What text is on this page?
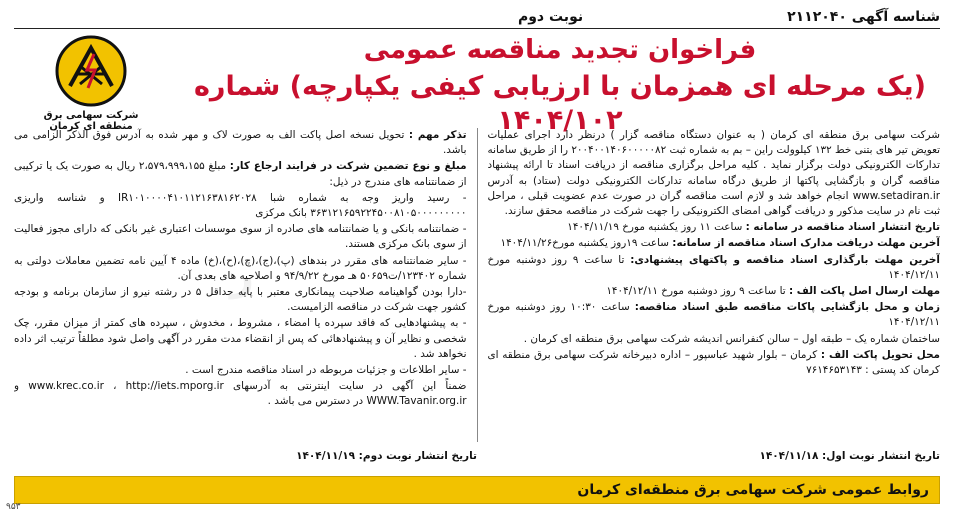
شناسه آگهی ۲۱۱۲۰۴۰
نوبت دوم
فراخوان تجدید مناقصه عمومی
(یک مرحله ای همزمان با ارزیابی کیفی یکپارچه) شماره ۱۴۰۴/۱۰۲
شرکت سهامی برق منطقه ای کرمان
ر

شرکت سهامی برق منطقه ای کرمان ( به عنوان دستگاه مناقصه گزار ) درنظر دارد اجرای عملیات تعویض تیر های بتنی خط ۱۳۲ کیلوولت راین – بم به شماره ثبت ۲۰۰۴۰۰۱۴۰۶۰۰۰۰۰۸۲ را از طریق سامانه تدارکات الکترونیکی دولت برگزار نماید . کلیه مراحل برگزاری مناقصه از دریافت اسناد تا ارائه پیشنهاد مناقصه گران و بازگشایی پاکتها از طریق درگاه سامانه تدارکات الکترونیکی دولت (ستاد) به آدرس www.setadiran.ir انجام خواهد شد و لازم است مناقصه گران در صورت عدم عضویت قبلی ، مراحل ثبت نام در سایت مذکور و دریافت گواهی امضای الکترونیکی را جهت شرکت در مناقصه محقق سازند.

تاریخ انتشار اسناد مناقصه در سامانه : ساعت ۱۱ روز یکشنبه مورخ ۱۴۰۴/۱۱/۱۹

آخرین مهلت دریافت مدارک اسناد مناقصه از سامانه: ساعت ۱۹روز یکشنبه مورخ۱۴۰۴/۱۱/۲۶

آخرین مهلت بارگذاری اسناد مناقصه و پاکتهای پیشنهادی: تا ساعت ۹ روز دوشنبه مورخ ۱۴۰۴/۱۲/۱۱

مهلت ارسال اصل پاکت الف : تا ساعت ۹ روز دوشنبه مورخ ۱۴۰۴/۱۲/۱۱

زمان و محل بازگشایی پاکات مناقصه طبق اسناد مناقصه: ساعت ۱۰:۳۰ روز دوشنبه مورخ ۱۴۰۴/۱۲/۱۱

ساختمان شماره یک – طبقه اول – سالن کنفرانس اندیشه شرکت سهامی برق منطقه ای کرمان .

محل تحویل پاکت الف : کرمان – بلوار شهید عباسپور – اداره دبیرخانه شرکت سهامی برق منطقه ای کرمان کد پستی : ۷۶۱۴۶۵۳۱۴۳

تذکر مهم : تحویل نسخه اصل پاکت الف به صورت لاک و مهر شده به آدرس فوق الذکر الزامی می باشد.

مبلغ و نوع تضمین شرکت در فرایند ارجاع کار: مبلغ ۲،۵۷۹،۹۹۹،۱۵۵ ریال به صورت یک یا ترکیبی از ضمانتنامه های مندرج در ذیل:

- رسید واریز وجه به شماره شبا IR۱۰۱۰۰۰۰۴۱۰۱۱۲۱۶۳۸۱۶۲۰۲۸ و شناسه واریزی ۳۶۳۱۲۱۶۵۹۲۲۴۵۰۰۸۱۰۵۰۰۰۰۰۰۰۰۰ بانک مرکزی

- ضمانتنامه بانکی و یا ضمانتنامه های صادره از سوی موسسات اعتباری غیر بانکی که دارای مجوز فعالیت از سوی بانک مرکزی هستند.

- سایر ضمانتنامه های مقرر در بندهای (پ)،(ج)،(چ)،(ح)،(خ) ماده ۴ آیین نامه تضمین معاملات دولتی به شماره ۱۲۳۴۰۲/ت۵۰۶۵۹ هـ مورخ ۹۴/۹/۲۲ و اصلاحیه های بعدی آن.

-دارا بودن گواهینامه صلاحیت پیمانکاری معتبر با پایه حداقل ۵ در رشته نیرو از سازمان برنامه و بودجه کشور جهت شرکت در مناقصه الزامیست.

- به پیشنهادهایی که فاقد سپرده یا امضاء ، مشروط ، مخدوش ، سپرده های کمتر از میزان مقرر، چک شخصی و نظایر آن و پیشنهادهائی که پس از انقضاء مدت مقرر در آگهی واصل شود مطلقاً ترتیب اثر داده نخواهد شد .

- سایر اطلاعات و جزئیات مربوطه در اسناد مناقصه مندرج است .

ضمناً این آگهی در سایت اینترنتی به آدرسهای www.krec.co.ir ، http://iets.mporg.ir و WWW.Tavanir.org.ir در دسترس می باشد .

تاریخ انتشار نوبت اول: ۱۴۰۴/۱۱/۱۸
تاریخ انتشار نوبت دوم: ۱۴۰۴/۱۱/۱۹
روابط عمومی شرکت سهامی برق منطقه‌ای کرمان
۹۵۳
